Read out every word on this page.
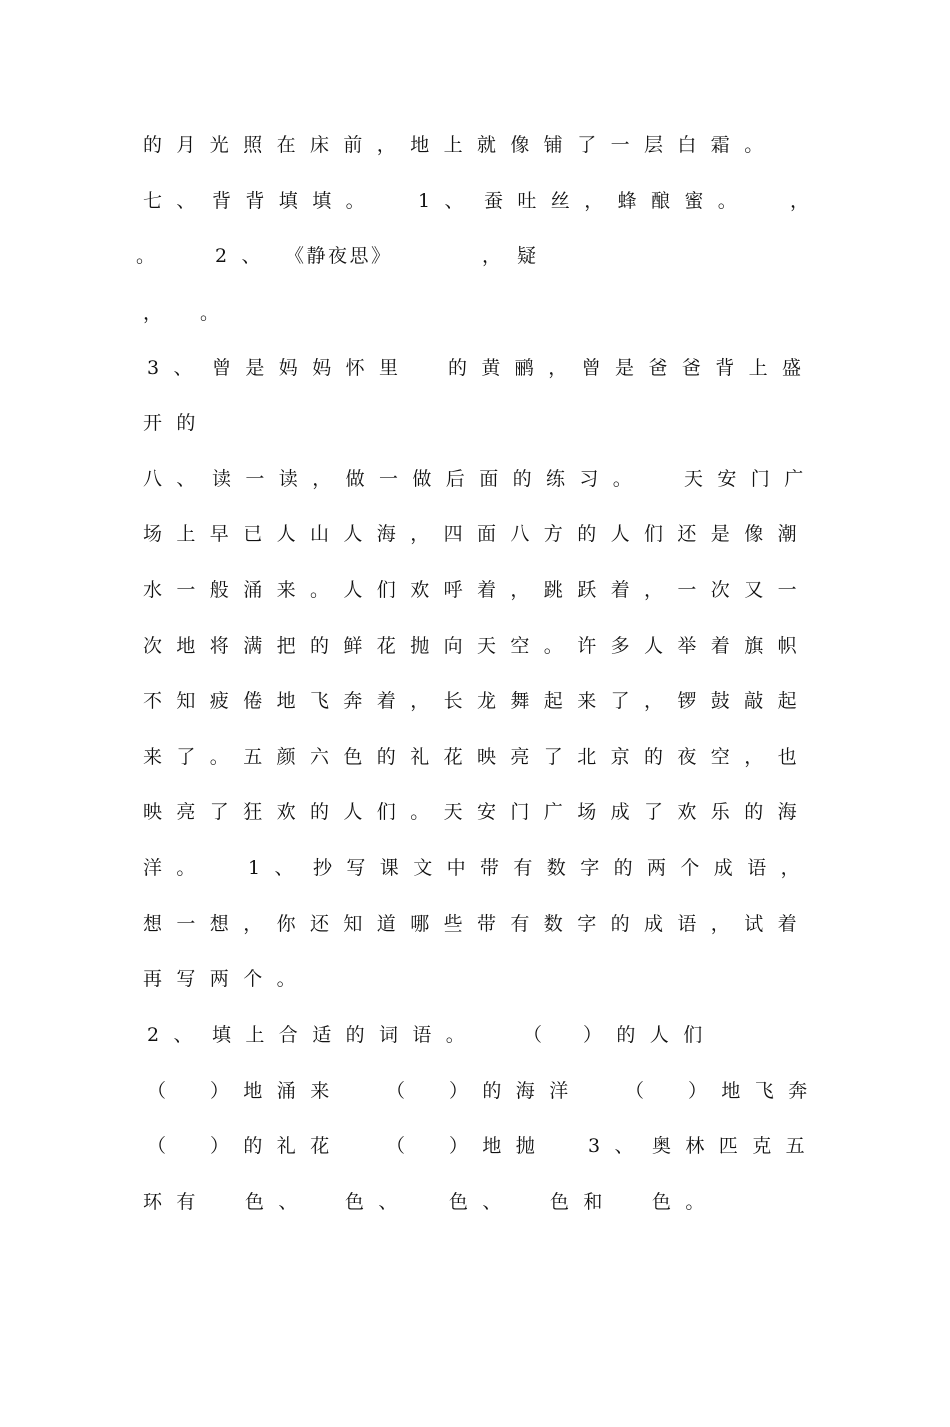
的月光照在床前，地上就像铺了一层白霜。

七、

背背填填。

1、

蚕吐丝，蜂酿蜜。

，

。

	2、

《静夜思》

	，

疑

，

。

3、

曾是妈妈怀里

的黄鹂，曾是爸爸背上盛

开的

八、

读一读，做一做后面的练习。

天安门广

场上早已人山人海，四面八方的人们还是像潮

水一般涌来。人们欢呼着，跳跃着，一次又一

次地将满把的鲜花抛向天空。许多人举着旗帜

不知疲倦地飞奔着，长龙舞起来了，锣鼓敲起

来了。五颜六色的礼花映亮了北京的夜空，也

映亮了狂欢的人们。天安门广场成了欢乐的海

洋。

1、

抄写课文中带有数字的两个成语，

想一想，你还知道哪些带有数字的成语，试着

再写两个。

2、

填上合适的词语。

（

）的人们

（

）地涌来

（

）的海洋

（

）地飞奔

（

）的礼花

（

）地抛

3、

奥林匹克五

环有

色、

色、

色、

色和

色。
